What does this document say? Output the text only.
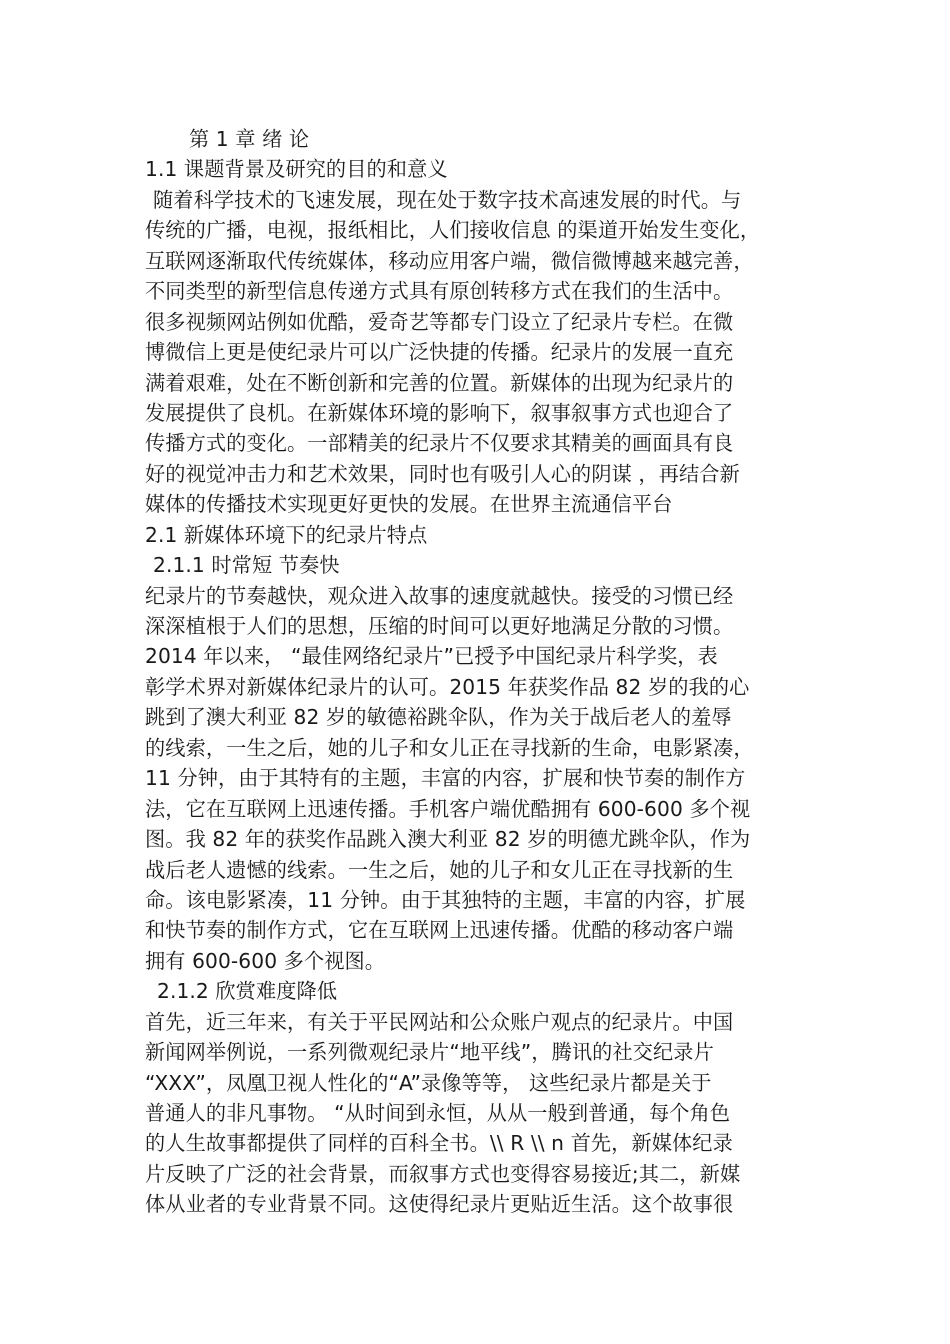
第 1 章 绪 论
1.1 课题背景及研究的目的和意义
随着科学技术的飞速发展，现在处于数字技术高速发展的时代。与
传统的广播，电视，报纸相比，人们接收信息 的渠道开始发生变化，
互联网逐渐取代传统媒体，移动应用客户端，微信微博越来越完善，
不同类型的新型信息传递方式具有原创转移方式在我们的生活中。
很多视频网站例如优酷，爱奇艺等都专门设立了纪录片专栏。在微
博微信上更是使纪录片可以广泛快捷的传播。纪录片的发展一直充
满着艰难，处在不断创新和完善的位置。新媒体的出现为纪录片的
发展提供了良机。在新媒体环境的影响下，叙事叙事方式也迎合了
传播方式的变化。一部精美的纪录片不仅要求其精美的画面具有良
好的视觉冲击力和艺术效果，同时也有吸引人心的阴谋 ，再结合新
媒体的传播技术实现更好更快的发展。在世界主流通信平台
2.1 新媒体环境下的纪录片特点
2.1.1 时常短 节奏快
纪录片的节奏越快，观众进入故事的速度就越快。接受的习惯已经
深深植根于人们的思想，压缩的时间可以更好地满足分散的习惯。
2014 年以来， “最佳网络纪录片”已授予中国纪录片科学奖，表
彰学术界对新媒体纪录片的认可。2015 年获奖作品 82 岁的我的心
跳到了澳大利亚 82 岁的敏德裕跳伞队，作为关于战后老人的羞辱
的线索，一生之后，她的儿子和女儿正在寻找新的生命，电影紧凑，
11 分钟，由于其特有的主题，丰富的内容，扩展和快节奏的制作方
法，它在互联网上迅速传播。手机客户端优酷拥有 600-600 多个视
图。我 82 年的获奖作品跳入澳大利亚 82 岁的明德尤跳伞队，作为
战后老人遗憾的线索。一生之后，她的儿子和女儿正在寻找新的生
命。该电影紧凑，11 分钟。由于其独特的主题，丰富的内容，扩展
和快节奏的制作方式，它在互联网上迅速传播。优酷的移动客户端
拥有 600-600 多个视图。
2.1.2 欣赏难度降低
首先，近三年来，有关于平民网站和公众账户观点的纪录片。中国
新闻网举例说，一系列微观纪录片“地平线”，腾讯的社交纪录片
“XXX”，凤凰卫视人性化的“A”录像等等， 这些纪录片都是关于
普通人的非凡事物。 “从时间到永恒，从从一般到普通，每个角色
的人生故事都提供了同样的百科全书。\\ R \\ n 首先，新媒体纪录
片反映了广泛的社会背景，而叙事方式也变得容易接近;其二，新媒
体从业者的专业背景不同。这使得纪录片更贴近生活。这个故事很
